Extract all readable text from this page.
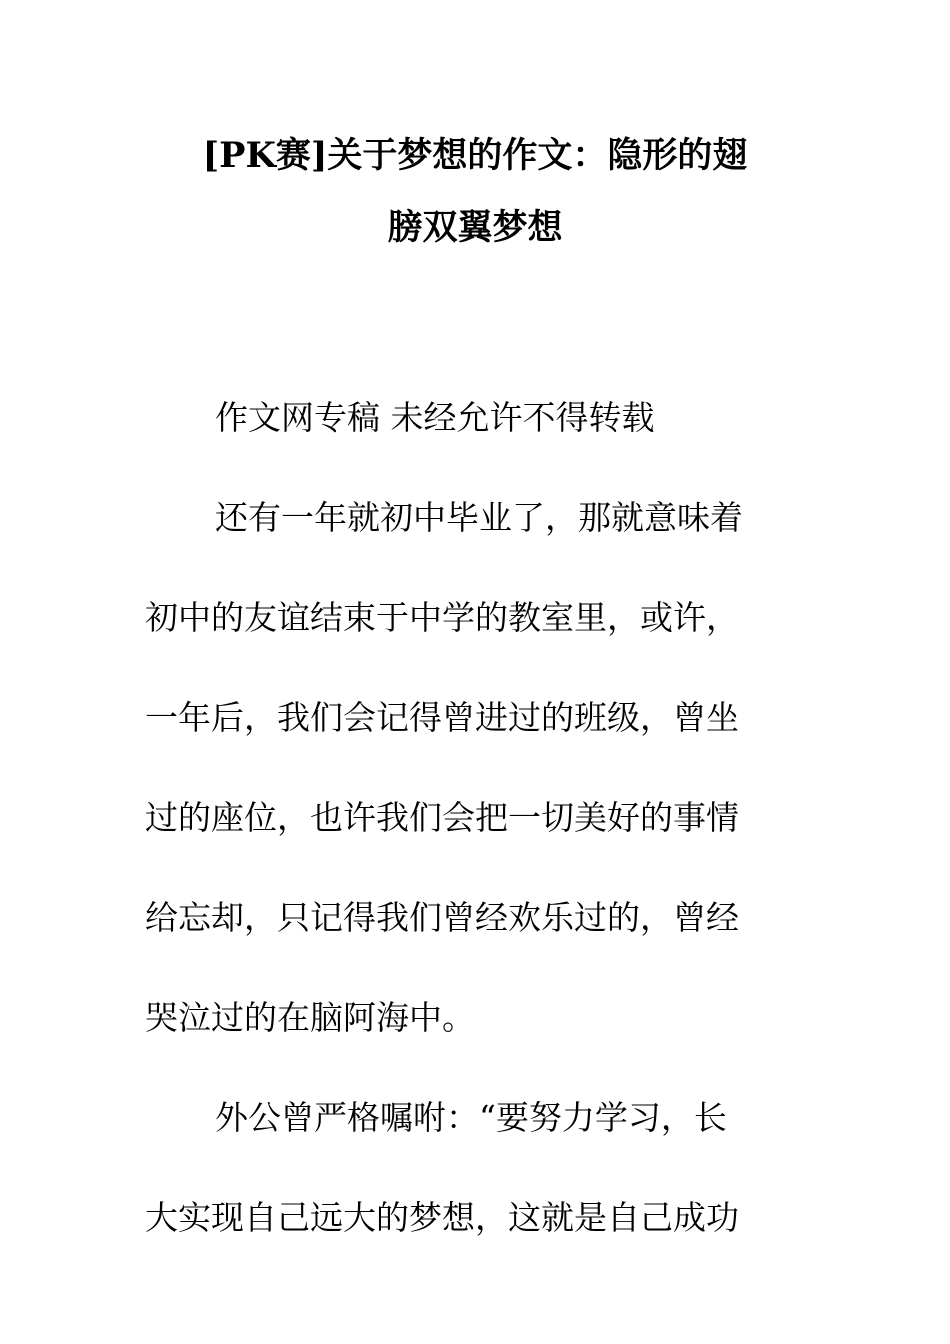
[PK赛]关于梦想的作文：隐形的翅
膀双翼梦想
作文网专稿 未经允许不得转载
还有一年就初中毕业了，那就意味着
初中的友谊结束于中学的教室里，或许，
一年后，我们会记得曾进过的班级，曾坐
过的座位，也许我们会把一切美好的事情
给忘却，只记得我们曾经欢乐过的，曾经
哭泣过的在脑阿海中。
外公曾严格嘱咐：“要努力学习，长
大实现自己远大的梦想，这就是自己成功
